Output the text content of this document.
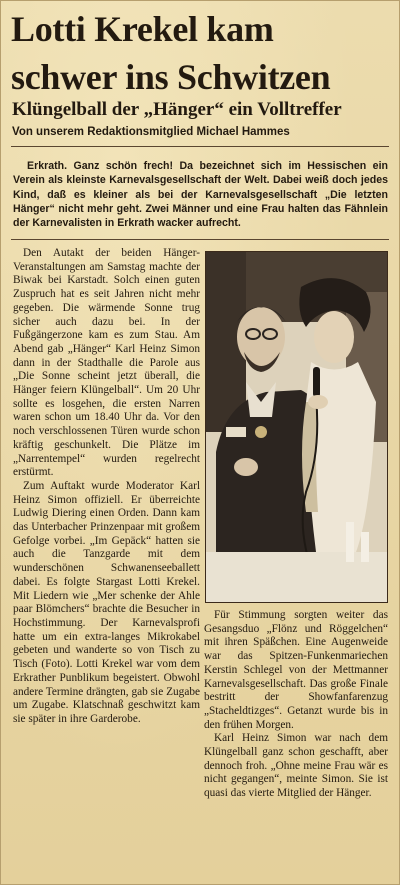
Lotti Krekel kam
schwer ins Schwitzen
Klüngelball der „Hänger“ ein Volltreffer
Von unserem Redaktionsmitglied Michael Hammes

Erkrath. Ganz schön frech! Da bezeichnet sich im Hessischen ein Verein als kleinste Karnevalsgesellschaft der Welt. Dabei weiß doch jedes Kind, daß es kleiner als bei der Karnevalsgesellschaft „Die letzten Hänger“ nicht mehr geht. Zwei Männer und eine Frau halten das Fähnlein der Karnevalisten in Erkrath wacker aufrecht.

Den Autakt der beiden Hänger-Veranstaltungen am Samstag machte der Biwak bei Karstadt. Solch einen guten Zuspruch hat es seit Jahren nicht mehr gegeben. Die wärmende Sonne trug sicher auch dazu bei. In der Fußgängerzone kam es zum Stau. Am Abend gab „Hänger“ Karl Heinz Simon dann in der Stadthalle die Parole aus „Die Sonne scheint jetzt überall, die Hänger feiern Klüngelball“. Um 20 Uhr sollte es losgehen, die ersten Narren waren schon um 18.40 Uhr da. Vor den noch verschlossenen Türen wurde schon kräftig geschunkelt. Die Plätze im „Narrentempel“ wurden regelrecht erstürmt.

Zum Auftakt wurde Moderator Karl Heinz Simon offiziell. Er überreichte Ludwig Diering einen Orden. Dann kam das Unterbacher Prinzenpaar mit großem Gefolge vorbei. „Im Gepäck“ hatten sie auch die Tanzgarde mit dem wunderschönen Schwanenseeballett dabei. Es folgte Stargast Lotti Krekel. Mit Liedern wie „Mer schenke der Ahle paar Blömchers“ brachte die Besucher in Hochstimmung. Der Karnevalsprofi hatte um ein extra-langes Mikrokabel gebeten und wanderte so von Tisch zu Tisch (Foto). Lotti Krekel war vom dem Erkrather Punblikum begeistert. Obwohl andere Termine drängten, gab sie Zugabe um Zugabe. Klatschnaß geschwitzt kam sie später in ihre Garderobe.

Für Stimmung sorgten weiter das Gesangsduo „Flönz und Röggelchen“ mit ihren Späßchen. Eine Augenweide war das Spitzen-Funkenmariechen Kerstin Schlegel von der Mettmanner Karnevalsgesellschaft. Das große Finale bestritt der Showfanfarenzug „Stacheldtizges“. Getanzt wurde bis in den frühen Morgen.

Karl Heinz Simon war nach dem Klüngelball ganz schon geschafft, aber dennoch froh. „Ohne meine Frau wär es nicht gegangen“, meinte Simon. Sie ist quasi das vierte Mitglied der Hänger.
